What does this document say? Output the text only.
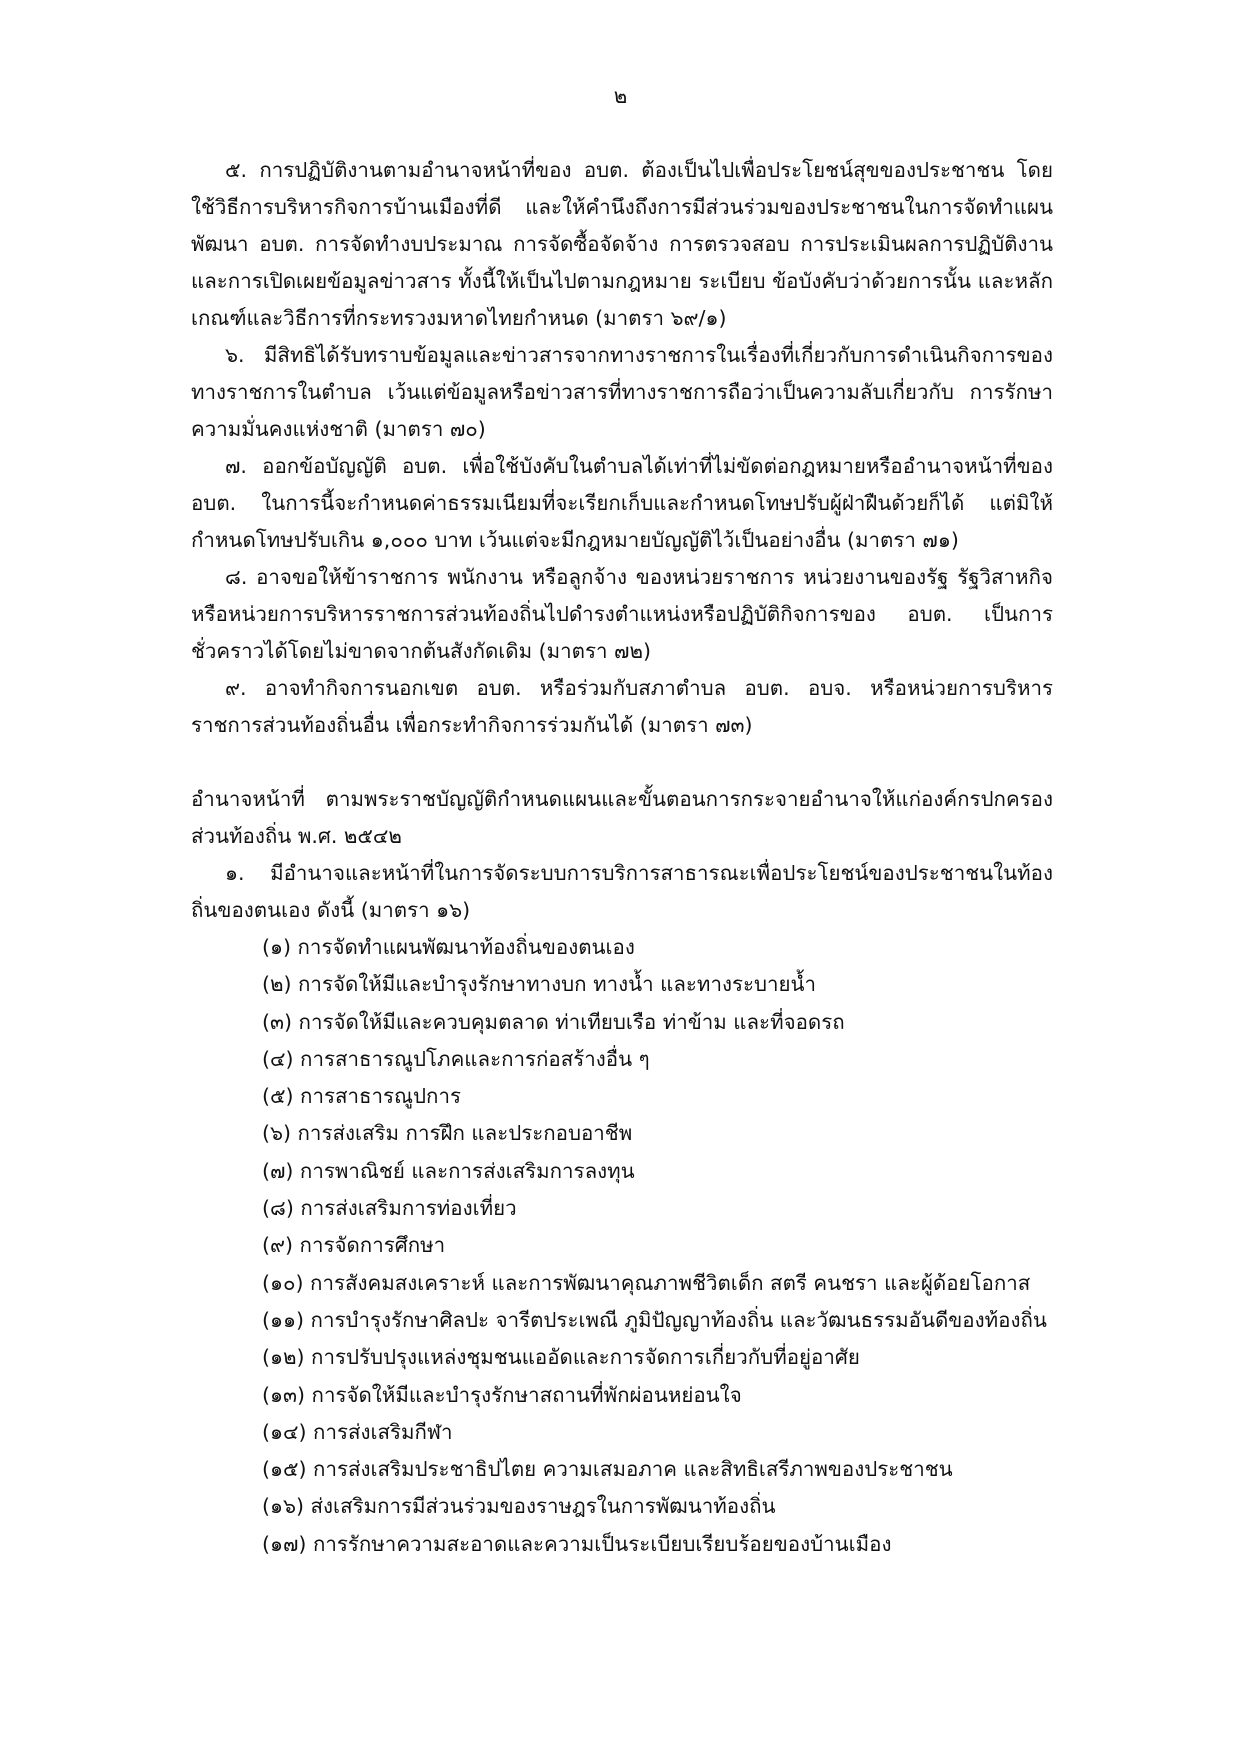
๒

๕. การปฏิบัติงานตามอำนาจหน้าที่ของ อบต. ต้องเป็นไปเพื่อประโยชน์สุขของประชาชน โดยใช้วิธีการบริหารกิจการบ้านเมืองที่ดี และให้คำนึงถึงการมีส่วนร่วมของประชาชนในการจัดทำแผนพัฒนา อบต. การจัดทำงบประมาณ การจัดซื้อจัดจ้าง การตรวจสอบ การประเมินผลการปฏิบัติงาน และการเปิดเผยข้อมูลข่าวสาร ทั้งนี้ให้เป็นไปตามกฎหมาย ระเบียบ ข้อบังคับว่าด้วยการนั้น และหลักเกณฑ์และวิธีการที่กระทรวงมหาดไทยกำหนด (มาตรา ๖๙/๑)

๖. มีสิทธิได้รับทราบข้อมูลและข่าวสารจากทางราชการในเรื่องที่เกี่ยวกับการดำเนินกิจการของทางราชการในตำบล เว้นแต่ข้อมูลหรือข่าวสารที่ทางราชการถือว่าเป็นความลับเกี่ยวกับ การรักษาความมั่นคงแห่งชาติ (มาตรา ๗๐)

๗. ออกข้อบัญญัติ อบต. เพื่อใช้บังคับในตำบลได้เท่าที่ไม่ขัดต่อกฎหมายหรืออำนาจหน้าที่ของ อบต. ในการนี้จะกำหนดค่าธรรมเนียมที่จะเรียกเก็บและกำหนดโทษปรับผู้ฝ่าฝืนด้วยก็ได้ แต่มิให้กำหนดโทษปรับเกิน ๑,๐๐๐ บาท เว้นแต่จะมีกฎหมายบัญญัติไว้เป็นอย่างอื่น (มาตรา ๗๑)

๘. อาจขอให้ข้าราชการ พนักงาน หรือลูกจ้าง ของหน่วยราชการ หน่วยงานของรัฐ รัฐวิสาหกิจหรือหน่วยการบริหารราชการส่วนท้องถิ่นไปดำรงตำแหน่งหรือปฏิบัติกิจการของ อบต. เป็นการชั่วคราวได้โดยไม่ขาดจากต้นสังกัดเดิม (มาตรา ๗๒)

๙. อาจทำกิจการนอกเขต อบต. หรือร่วมกับสภาตำบล อบต. อบจ. หรือหน่วยการบริหารราชการส่วนท้องถิ่นอื่น เพื่อกระทำกิจการร่วมกันได้ (มาตรา ๗๓)

อำนาจหน้าที่ ตามพระราชบัญญัติกำหนดแผนและขั้นตอนการกระจายอำนาจให้แก่องค์กรปกครองส่วนท้องถิ่น พ.ศ. ๒๕๔๒

๑. มีอำนาจและหน้าที่ในการจัดระบบการบริการสาธารณะเพื่อประโยชน์ของประชาชนในท้องถิ่นของตนเอง ดังนี้ (มาตรา ๑๖)

(๑) การจัดทำแผนพัฒนาท้องถิ่นของตนเอง
(๒) การจัดให้มีและบำรุงรักษาทางบก ทางน้ำ และทางระบายน้ำ
(๓) การจัดให้มีและควบคุมตลาด ท่าเทียบเรือ ท่าข้าม และที่จอดรถ
(๔) การสาธารณูปโภคและการก่อสร้างอื่น ๆ
(๕) การสาธารณูปการ
(๖) การส่งเสริม การฝึก และประกอบอาชีพ
(๗) การพาณิชย์ และการส่งเสริมการลงทุน
(๘) การส่งเสริมการท่องเที่ยว
(๙) การจัดการศึกษา
(๑๐) การสังคมสงเคราะห์ และการพัฒนาคุณภาพชีวิตเด็ก สตรี คนชรา และผู้ด้อยโอกาส
(๑๑) การบำรุงรักษาศิลปะ จารีตประเพณี ภูมิปัญญาท้องถิ่น และวัฒนธรรมอันดีของท้องถิ่น
(๑๒) การปรับปรุงแหล่งชุมชนแออัดและการจัดการเกี่ยวกับที่อยู่อาศัย
(๑๓) การจัดให้มีและบำรุงรักษาสถานที่พักผ่อนหย่อนใจ
(๑๔) การส่งเสริมกีฬา
(๑๕) การส่งเสริมประชาธิปไตย ความเสมอภาค และสิทธิเสรีภาพของประชาชน
(๑๖) ส่งเสริมการมีส่วนร่วมของราษฎรในการพัฒนาท้องถิ่น
(๑๗) การรักษาความสะอาดและความเป็นระเบียบเรียบร้อยของบ้านเมือง
